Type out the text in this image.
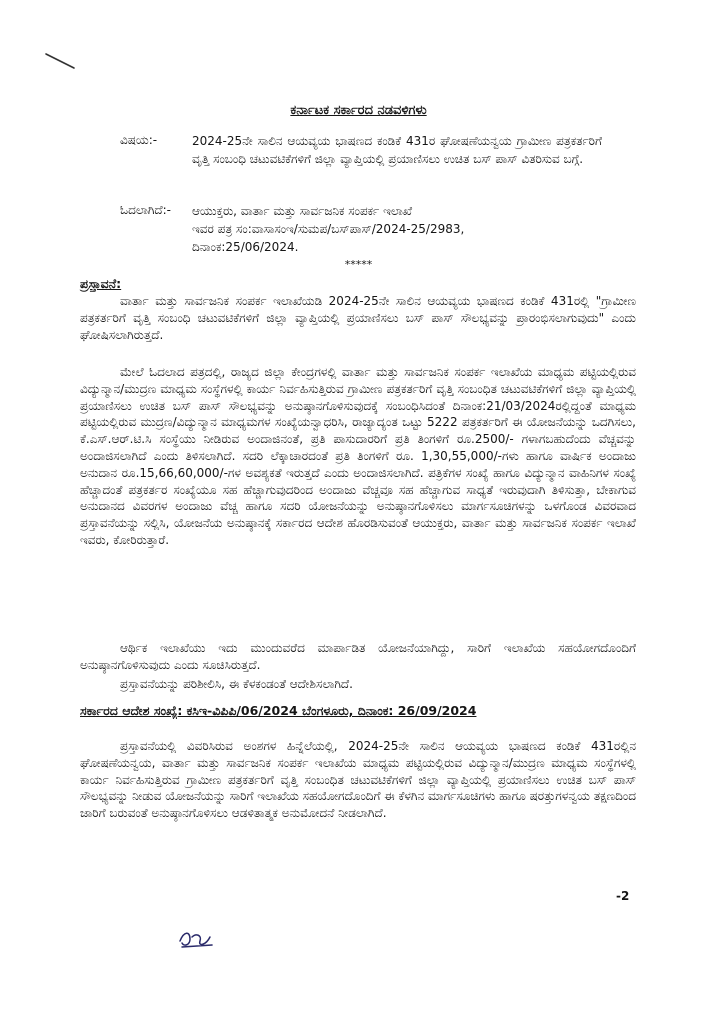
ಕರ್ನಾಟಕ ಸರ್ಕಾರದ ನಡವಳಿಗಳು
ವಿಷಯ:-	2024-25ನೇ ಸಾಲಿನ ಆಯವ್ಯಯ ಭಾಷಣದ ಕಂಡಿಕೆ 431ರ ಘೋಷಣೆಯನ್ವಯ ಗ್ರಾಮೀಣ ಪತ್ರಕರ್ತರಿಗೆ ವೃತ್ತಿ ಸಂಬಂಧಿ ಚಟುವಟಿಕೆಗಳಿಗೆ ಜಿಲ್ಲಾ ವ್ಯಾಪ್ತಿಯಲ್ಲಿ ಪ್ರಯಾಣಿಸಲು ಉಚಿತ ಬಸ್ ಪಾಸ್ ವಿತರಿಸುವ ಬಗ್ಗೆ.
ಓದಲಾಗಿದೆ:- ಆಯುಕ್ತರು, ವಾರ್ತಾ ಮತ್ತು ಸಾರ್ವಜನಿಕ ಸಂಪರ್ಕ ಇಲಾಖೆ
ಇವರ ಪತ್ರ ಸಂ:ವಾಸಾಸಂಇ/ಸುಮಪ/ಬಸ್‌ಪಾಸ್/2024-25/2983,
ದಿನಾಂಕ:25/06/2024.
*****
ಪ್ರಸ್ತಾವನೆ:
ವಾರ್ತಾ ಮತ್ತು ಸಾರ್ವಜನಿಕ ಸಂಪರ್ಕ ಇಲಾಖೆಯಡಿ 2024-25ನೇ ಸಾಲಿನ ಆಯವ್ಯಯ ಭಾಷಣದ ಕಂಡಿಕೆ 431ರಲ್ಲಿ "ಗ್ರಾಮೀಣ ಪತ್ರಕರ್ತರಿಗೆ ವೃತ್ತಿ ಸಂಬಂಧಿ ಚಟುವಟಿಕೆಗಳಿಗೆ ಜಿಲ್ಲಾ ವ್ಯಾಪ್ತಿಯಲ್ಲಿ ಪ್ರಯಾಣಿಸಲು ಬಸ್ ಪಾಸ್ ಸೌಲಭ್ಯವನ್ನು ಪ್ರಾರಂಭಿಸಲಾಗುವುದು" ಎಂದು ಘೋಷಿಸಲಾಗಿರುತ್ತದೆ.
ಮೇಲೆ ಓದಲಾದ ಪತ್ರದಲ್ಲಿ, ರಾಜ್ಯದ ಜಿಲ್ಲಾ ಕೇಂದ್ರಗಳಲ್ಲಿ ವಾರ್ತಾ ಮತ್ತು ಸಾರ್ವಜನಿಕ ಸಂಪರ್ಕ ಇಲಾಖೆಯ ಮಾಧ್ಯಮ ಪಟ್ಟಿಯಲ್ಲಿರುವ ವಿದ್ಯುನ್ಮಾನ/ಮುದ್ರಣ ಮಾಧ್ಯಮ ಸಂಸ್ಥೆಗಳಲ್ಲಿ ಕಾರ್ಯ ನಿರ್ವಹಿಸುತ್ತಿರುವ ಗ್ರಾಮೀಣ ಪತ್ರಕರ್ತರಿಗೆ ವೃತ್ತಿ ಸಂಬಂಧಿತ ಚಟುವಟಿಕೆಗಳಿಗೆ ಜಿಲ್ಲಾ ವ್ಯಾಪ್ತಿಯಲ್ಲಿ ಪ್ರಯಾಣಿಸಲು ಉಚಿತ ಬಸ್ ಪಾಸ್ ಸೌಲಭ್ಯವನ್ನು ಅನುಷ್ಠಾನಗೊಳಿಸುವುದಕ್ಕೆ ಸಂಬಂಧಿಸಿದಂತೆ ದಿನಾಂಕ:21/03/2024ರಲ್ಲಿದ್ದಂತೆ ಮಾಧ್ಯಮ ಪಟ್ಟಿಯಲ್ಲಿರುವ ಮುದ್ರಣ/ವಿದ್ಯುನ್ಮಾನ ಮಾಧ್ಯಮಗಳ ಸಂಖ್ಯೆಯನ್ವಾಧರಿಸಿ, ರಾಜ್ಯಾದ್ಯಂತ ಒಟ್ಟು 5222 ಪತ್ರಕರ್ತರಿಗೆ ಈ ಯೋಜನೆಯನ್ನು ಒದಗಿಸಲು, ಕೆ.ಎಸ್.ಆರ್.ಟಿ.ಸಿ ಸಂಸ್ಥೆಯು ನೀಡಿರುವ ಅಂದಾಜಿನಂತೆ, ಪ್ರತಿ ಪಾಸುದಾರರಿಗೆ ಪ್ರತಿ ತಿಂಗಳಿಗೆ ರೂ.2500/- ಗಳಾಗಬಹುದೆಂದು ವೆಚ್ಚವನ್ನು ಅಂದಾಜಿಸಲಾಗಿದೆ ಎಂದು ತಿಳಿಸಲಾಗಿದೆ. ಸದರಿ ಲೆಕ್ಕಾಚಾರದಂತೆ ಪ್ರತಿ ತಿಂಗಳಿಗೆ ರೂ. 1,30,55,000/-ಗಳು ಹಾಗೂ ವಾರ್ಷಿಕ ಅಂದಾಜು ಅನುದಾನ ರೂ.15,66,60,000/-ಗಳ ಅವಶ್ಯಕತೆ ಇರುತ್ತದೆ ಎಂದು ಅಂದಾಜಿಸಲಾಗಿದೆ. ಪತ್ರಿಕೆಗಳ ಸಂಖ್ಯೆ ಹಾಗೂ ವಿದ್ಯುನ್ಮಾನ ವಾಹಿನಿಗಳ ಸಂಖ್ಯೆ ಹೆಚ್ಚಾದಂತೆ ಪತ್ರಕರ್ತರ ಸಂಖ್ಯೆಯೂ ಸಹ ಹೆಚ್ಚಾಗುವುದರಿಂದ ಅಂದಾಜು ವೆಚ್ಚವೂ ಸಹ ಹೆಚ್ಚಾಗುವ ಸಾಧ್ಯತೆ ಇರುವುದಾಗಿ ತಿಳಿಸುತ್ತಾ, ಬೇಕಾಗುವ ಅನುದಾನದ ವಿವರಗಳ ಅಂದಾಜು ವೆಚ್ಚ ಹಾಗೂ ಸದರಿ ಯೋಜನೆಯನ್ನು ಅನುಷ್ಠಾನಗೊಳಿಸಲು ಮಾರ್ಗಸೂಚಿಗಳನ್ನು ಒಳಗೊಂಡ ವಿವರವಾದ ಪ್ರಸ್ತಾವನೆಯನ್ನು ಸಲ್ಲಿಸಿ, ಯೋಜನೆಯ ಅನುಷ್ಠಾನಕ್ಕೆ ಸರ್ಕಾರದ ಆದೇಶ ಹೊರಡಿಸುವಂತೆ ಆಯುಕ್ತರು, ವಾರ್ತಾ ಮತ್ತು ಸಾರ್ವಜನಿಕ ಸಂಪರ್ಕ ಇಲಾಖೆ ಇವರು, ಕೋರಿರುತ್ತಾರೆ.
ಆರ್ಥಿಕ ಇಲಾಖೆಯು ಇದು ಮುಂದುವರೆದ ಮಾರ್ಪಾಡಿತ ಯೋಜನೆಯಾಗಿದ್ದು, ಸಾರಿಗೆ ಇಲಾಖೆಯ ಸಹಯೋಗದೊಂದಿಗೆ ಅನುಷ್ಠಾನಗೊಳಿಸುವುದು ಎಂದು ಸೂಚಿಸಿರುತ್ತದೆ.
ಪ್ರಸ್ತಾವನೆಯನ್ನು ಪರಿಶೀಲಿಸಿ, ಈ ಕೆಳಕಂಡಂತೆ ಆದೇಶಿಸಲಾಗಿದೆ.
ಸರ್ಕಾರದ ಆದೇಶ ಸಂಖ್ಯೆ: ಕಸಿಇ-ವಿಪಿಪಿ/06/2024 ಬೆಂಗಳೂರು, ದಿನಾಂಕ: 26/09/2024
ಪ್ರಸ್ತಾವನೆಯಲ್ಲಿ ವಿವರಿಸಿರುವ ಅಂಶಗಳ ಹಿನ್ನೆಲೆಯಲ್ಲಿ, 2024-25ನೇ ಸಾಲಿನ ಆಯವ್ಯಯ ಭಾಷಣದ ಕಂಡಿಕೆ 431ರಲ್ಲಿನ ಘೋಷಣೆಯನ್ವಯ, ವಾರ್ತಾ ಮತ್ತು ಸಾರ್ವಜನಿಕ ಸಂಪರ್ಕ ಇಲಾಖೆಯ ಮಾಧ್ಯಮ ಪಟ್ಟಿಯಲ್ಲಿರುವ ವಿದ್ಯುನ್ಮಾನ/ಮುದ್ರಣ ಮಾಧ್ಯಮ ಸಂಸ್ಥೆಗಳಲ್ಲಿ ಕಾರ್ಯ ನಿರ್ವಹಿಸುತ್ತಿರುವ ಗ್ರಾಮೀಣ ಪತ್ರಕರ್ತರಿಗೆ ವೃತ್ತಿ ಸಂಬಂಧಿತ ಚಟುವಟಿಕೆಗಳಿಗೆ ಜಿಲ್ಲಾ ವ್ಯಾಪ್ತಿಯಲ್ಲಿ ಪ್ರಯಾಣಿಸಲು ಉಚಿತ ಬಸ್ ಪಾಸ್ ಸೌಲಭ್ಯವನ್ನು ನೀಡುವ ಯೋಜನೆಯನ್ನು ಸಾರಿಗೆ ಇಲಾಖೆಯ ಸಹಯೋಗದೊಂದಿಗೆ ಈ ಕೆಳಗಿನ ಮಾರ್ಗಸೂಚಿಗಳು ಹಾಗೂ ಷರತ್ತುಗಳನ್ವಯ ತಕ್ಷಣದಿಂದ ಜಾರಿಗೆ ಬರುವಂತೆ ಅನುಷ್ಠಾನಗೊಳಿಸಲು ಆಡಳಿತಾತ್ಮಕ ಅನುಮೋದನೆ ನೀಡಲಾಗಿದೆ.
-2
